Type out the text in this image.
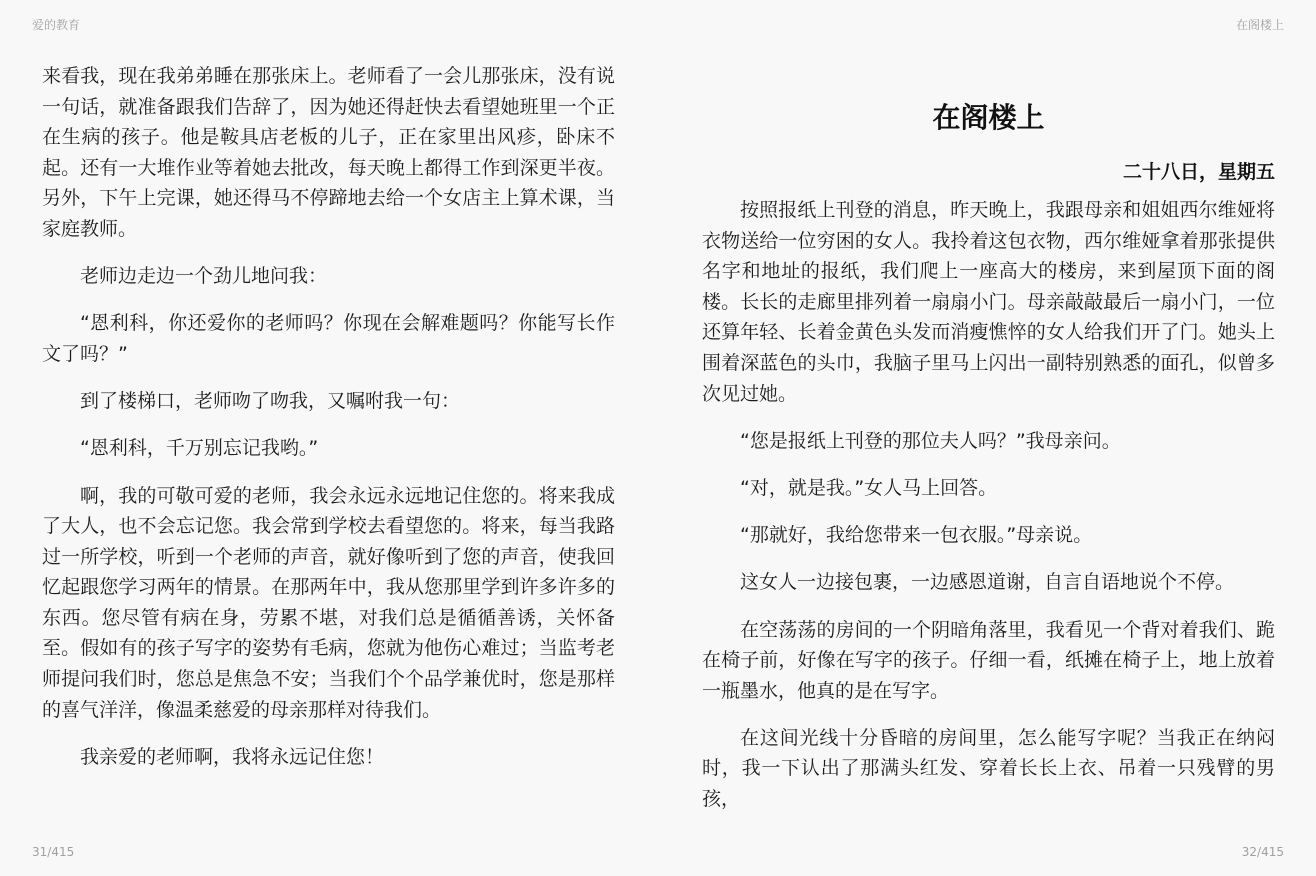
爱的教育

来看我，现在我弟弟睡在那张床上。老师看了一会儿那张床，没有说一句话，就准备跟我们告辞了，因为她还得赶快去看望她班里一个正在生病的孩子。他是鞍具店老板的儿子，正在家里出风疹，卧床不起。还有一大堆作业等着她去批改，每天晚上都得工作到深更半夜。另外，下午上完课，她还得马不停蹄地去给一个女店主上算术课，当家庭教师。

老师边走边一个劲儿地问我：

“恩利科，你还爱你的老师吗？你现在会解难题吗？你能写长作文了吗？”

到了楼梯口，老师吻了吻我，又嘱咐我一句：

“恩利科，千万别忘记我哟。”

啊，我的可敬可爱的老师，我会永远永远地记住您的。将来我成了大人，也不会忘记您。我会常到学校去看望您的。将来，每当我路过一所学校，听到一个老师的声音，就好像听到了您的声音，使我回忆起跟您学习两年的情景。在那两年中，我从您那里学到许多许多的东西。您尽管有病在身，劳累不堪，对我们总是循循善诱，关怀备至。假如有的孩子写字的姿势有毛病，您就为他伤心难过；当监考老师提问我们时，您总是焦急不安；当我们个个品学兼优时，您是那样的喜气洋洋，像温柔慈爱的母亲那样对待我们。

我亲爱的老师啊，我将永远记住您！

31/415
在阁楼上
在阁楼上
二十八日，星期五

按照报纸上刊登的消息，昨天晚上，我跟母亲和姐姐西尔维娅将衣物送给一位穷困的女人。我拎着这包衣物，西尔维娅拿着那张提供名字和地址的报纸，我们爬上一座高大的楼房，来到屋顶下面的阁楼。长长的走廊里排列着一扇扇小门。母亲敲敲最后一扇小门，一位还算年轻、长着金黄色头发而消瘦憔悴的女人给我们开了门。她头上围着深蓝色的头巾，我脑子里马上闪出一副特别熟悉的面孔，似曾多次见过她。

“您是报纸上刊登的那位夫人吗？”我母亲问。

“对，就是我。”女人马上回答。

“那就好，我给您带来一包衣服。”母亲说。

这女人一边接包裹，一边感恩道谢，自言自语地说个不停。

在空荡荡的房间的一个阴暗角落里，我看见一个背对着我们、跪在椅子前，好像在写字的孩子。仔细一看，纸摊在椅子上，地上放着一瓶墨水，他真的是在写字。

在这间光线十分昏暗的房间里，怎么能写字呢？当我正在纳闷时，我一下认出了那满头红发、穿着长长上衣、吊着一只残臂的男孩，

32/415
